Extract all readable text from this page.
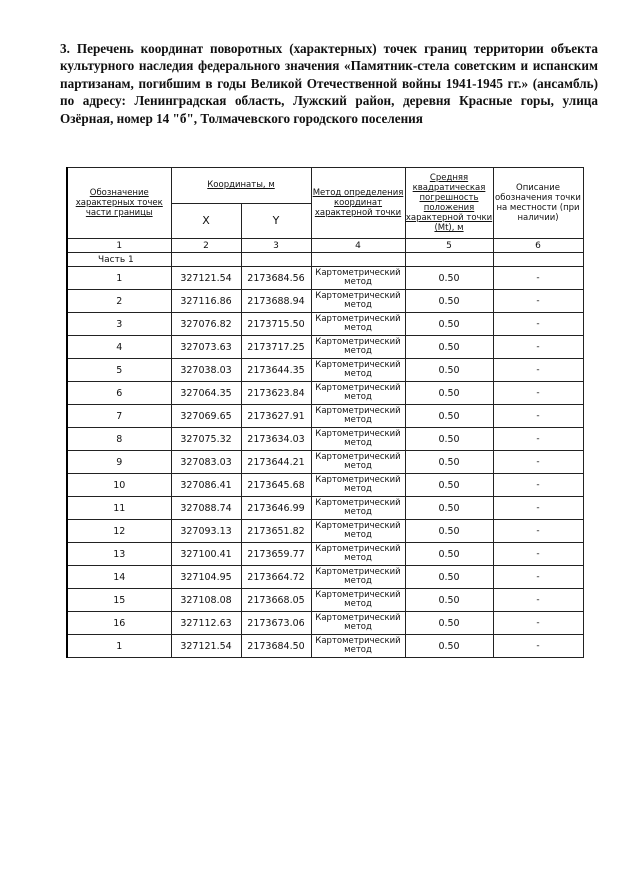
3. Перечень координат поворотных (характерных) точек границ территории объекта культурного наследия федерального значения «Памятник-стела советским и испанским партизанам, погибшим в годы Великой Отечественной войны 1941-1945 гг.» (ансамбль) по адресу: Ленинградская область, Лужский район, деревня Красные горы, улица Озёрная, номер 14 "б", Толмачевского городского поселения
Обозначение характерных точек части границы	Координаты, м		Метод определения координат характерной точки	Средняя квадратическая погрешность положения характерной точки (Mt), м	Описание обозначения точки на местности (при наличии)
	X	Y			
1	2	3	4	5	6
Часть 1					
1	327121.54	2173684.56	Картометрический метод	0.50	-
2	327116.86	2173688.94	Картометрический метод	0.50	-
3	327076.82	2173715.50	Картометрический метод	0.50	-
4	327073.63	2173717.25	Картометрический метод	0.50	-
5	327038.03	2173644.35	Картометрический метод	0.50	-
6	327064.35	2173623.84	Картометрический метод	0.50	-
7	327069.65	2173627.91	Картометрический метод	0.50	-
8	327075.32	2173634.03	Картометрический метод	0.50	-
9	327083.03	2173644.21	Картометрический метод	0.50	-
10	327086.41	2173645.68	Картометрический метод	0.50	-
11	327088.74	2173646.99	Картометрический метод	0.50	-
12	327093.13	2173651.82	Картометрический метод	0.50	-
13	327100.41	2173659.77	Картометрический метод	0.50	-
14	327104.95	2173664.72	Картометрический метод	0.50	-
15	327108.08	2173668.05	Картометрический метод	0.50	-
16	327112.63	2173673.06	Картометрический метод	0.50	-
1	327121.54	2173684.50	Картометрический метод	0.50	-
